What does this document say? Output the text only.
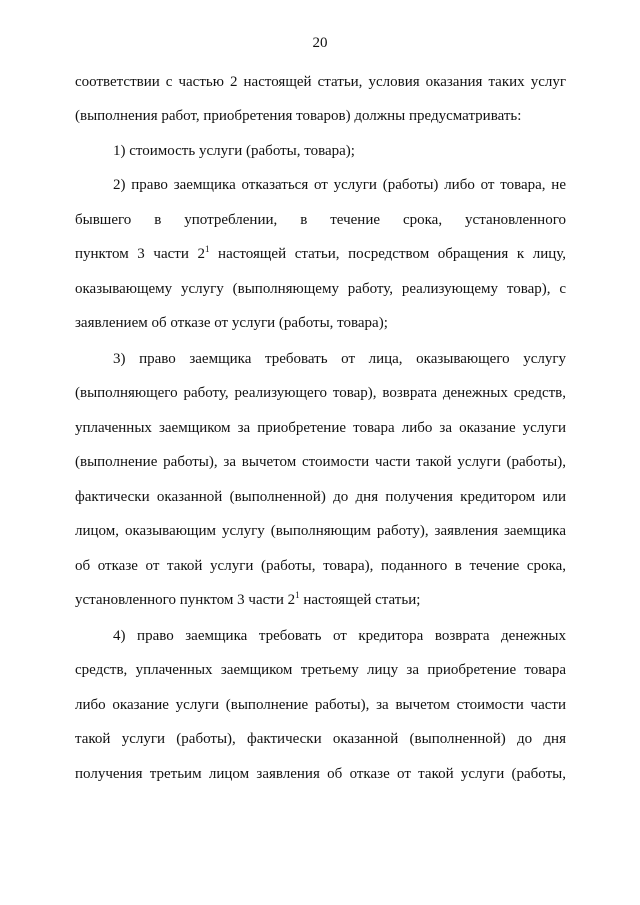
20
соответствии с частью 2 настоящей статьи, условия оказания таких услуг
(выполнения работ, приобретения товаров) должны предусматривать:
1) стоимость услуги (работы, товара);
2) право заемщика отказаться от услуги (работы) либо от товара, не
бывшего в употреблении, в течение срока, установленного
пунктом 3 части $2^1$ настоящей статьи, посредством обращения к лицу,
оказывающему услугу (выполняющему работу, реализующему товар), с
заявлением об отказе от услуги (работы, товара);
3) право заемщика требовать от лица, оказывающего услугу
(выполняющего работу, реализующего товар), возврата денежных средств,
уплаченных заемщиком за приобретение товара либо за оказание услуги
(выполнение работы), за вычетом стоимости части такой услуги (работы),
фактически оказанной (выполненной) до дня получения кредитором или
лицом, оказывающим услугу (выполняющим работу), заявления заемщика
об отказе от такой услуги (работы, товара), поданного в течение срока,
установленного пунктом 3 части $2^1$ настоящей статьи;
4) право заемщика требовать от кредитора возврата денежных
средств, уплаченных заемщиком третьему лицу за приобретение товара
либо оказание услуги (выполнение работы), за вычетом стоимости части
такой услуги (работы), фактически оказанной (выполненной) до дня
получения третьим лицом заявления об отказе от такой услуги (работы,
